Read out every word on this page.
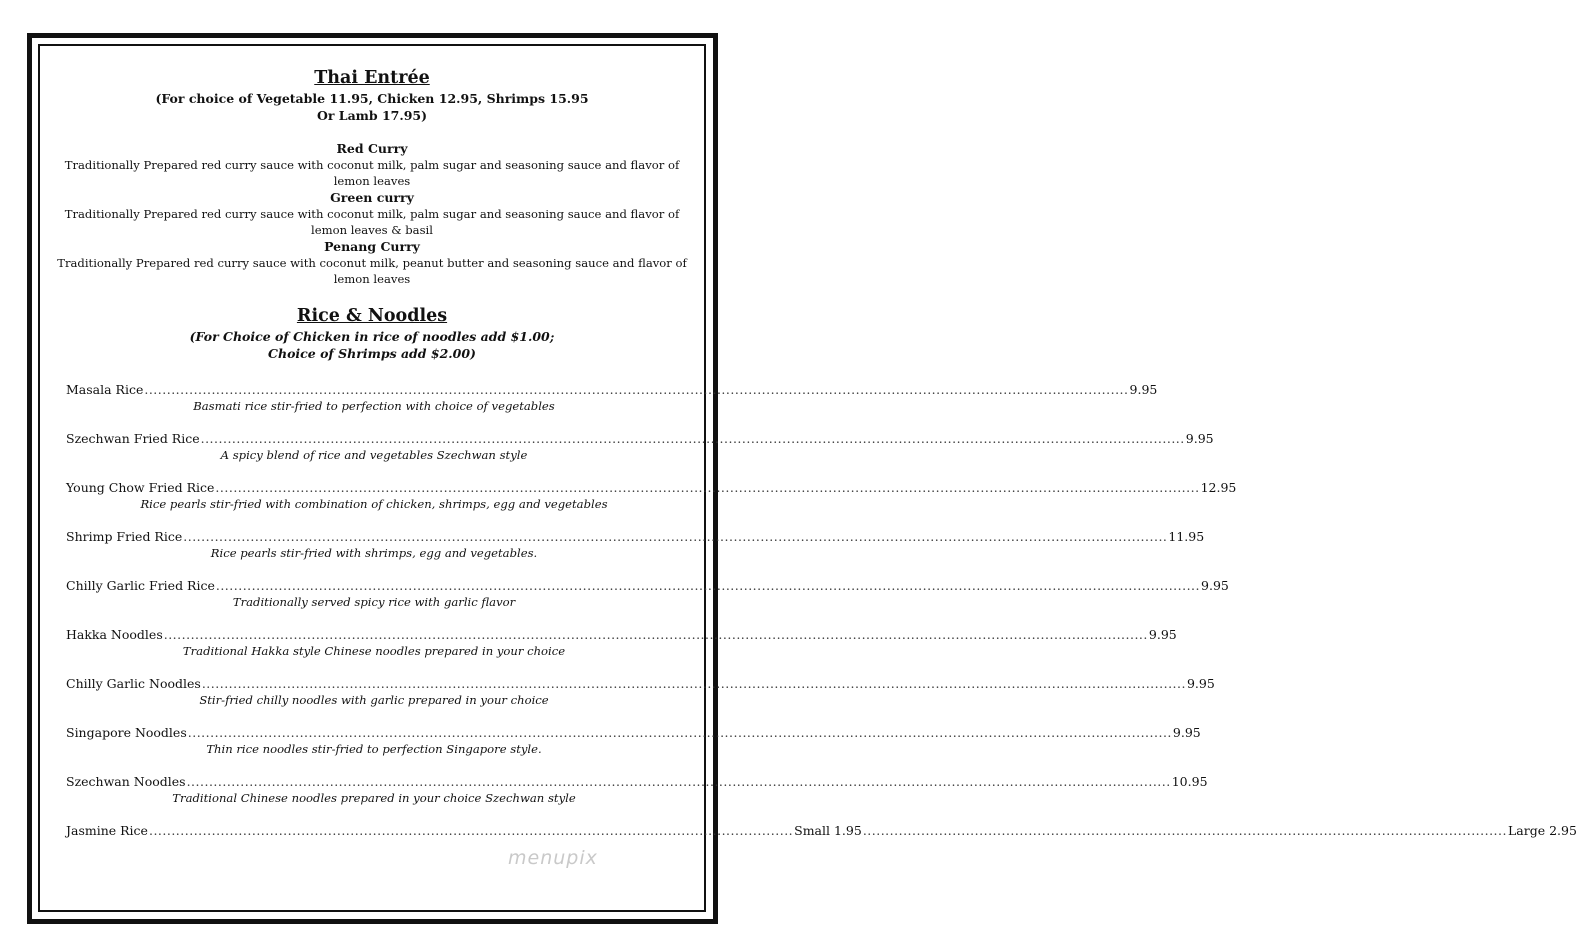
Thai Entrée
(For choice of Vegetable 11.95, Chicken 12.95, Shrimps 15.95
Or Lamb 17.95)
Red Curry
Traditionally Prepared red curry sauce with coconut milk, palm sugar and seasoning sauce and flavor of lemon leaves
Green curry
Traditionally Prepared red curry sauce with coconut milk, palm sugar and seasoning sauce and flavor of lemon leaves & basil
Penang Curry
Traditionally Prepared red curry sauce with coconut milk, peanut butter and seasoning sauce and flavor of lemon leaves
Rice & Noodles
(For Choice of Chicken in rice of noodles add $1.00;
Choice of Shrimps add $2.00)
Masala Rice ............................................................................................................................................................................................................................ 9.95
Basmati rice stir-fried to perfection with choice of vegetables
Szechwan Fried Rice ............................................................................................................................................................................................................................ 9.95
A spicy blend of rice and vegetables Szechwan style
Young Chow Fried Rice ............................................................................................................................................................................................................................ 12.95
Rice pearls stir-fried with combination of chicken, shrimps, egg and vegetables
Shrimp Fried Rice ............................................................................................................................................................................................................................ 11.95
Rice pearls stir-fried with shrimps, egg and vegetables.
Chilly Garlic Fried Rice ............................................................................................................................................................................................................................ 9.95
Traditionally served spicy rice with garlic flavor
Hakka Noodles ............................................................................................................................................................................................................................ 9.95
Traditional Hakka style Chinese noodles prepared in your choice
Chilly Garlic Noodles ............................................................................................................................................................................................................................ 9.95
Stir-fried chilly noodles with garlic prepared in your choice
Singapore Noodles ............................................................................................................................................................................................................................ 9.95
Thin rice noodles stir-fried to perfection Singapore style.
Szechwan Noodles ............................................................................................................................................................................................................................ 10.95
Traditional Chinese noodles prepared in your choice Szechwan style
Jasmine Rice ................................................................................................................................................ Small 1.95 ................................................................................................................................................ Large 2.95
menupix
